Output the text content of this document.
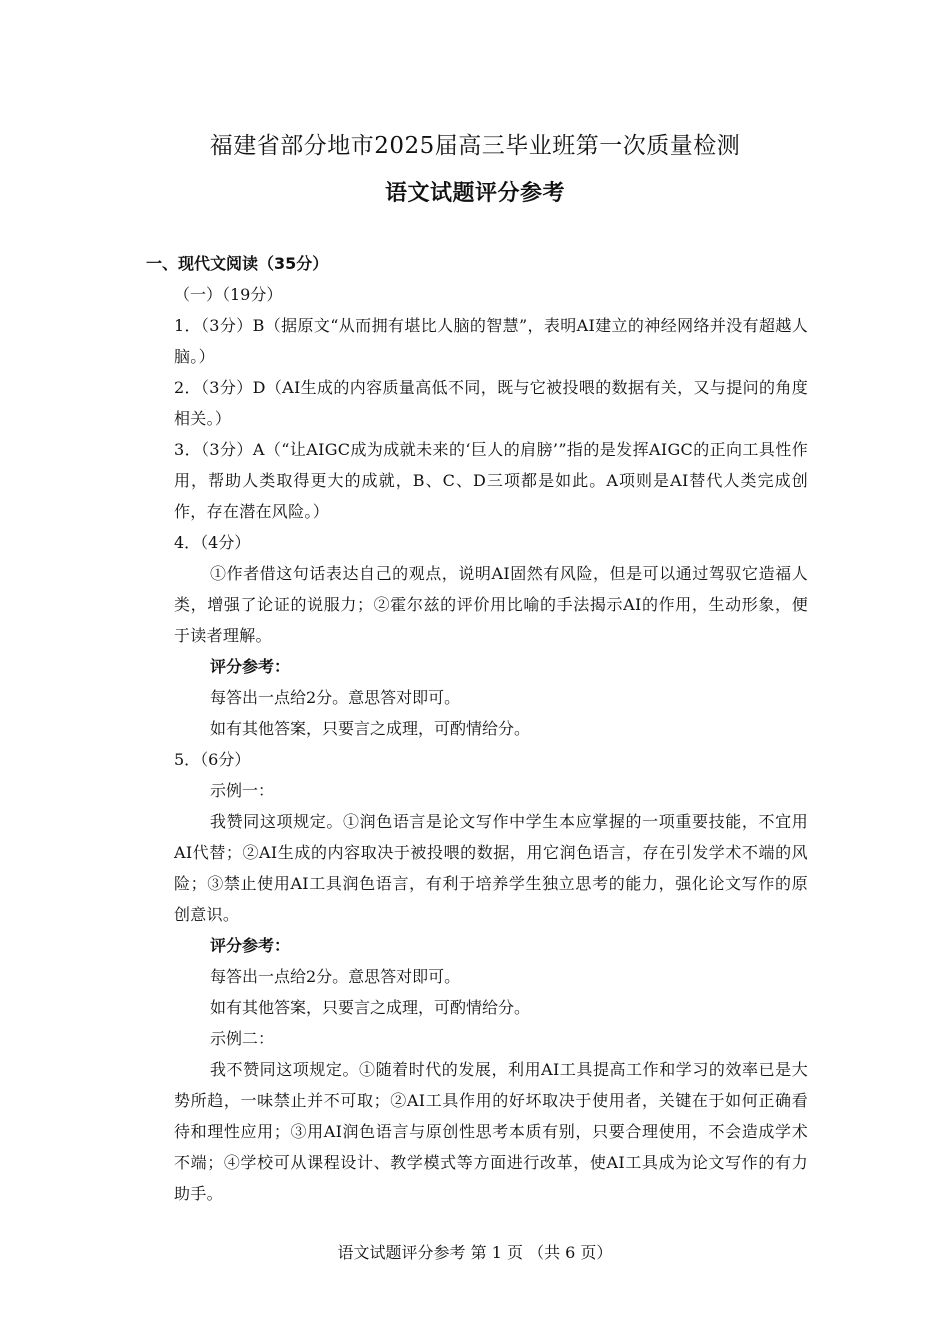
福建省部分地市2025届高三毕业班第一次质量检测
语文试题评分参考
一、现代文阅读（35分）
（一）（19分）
1．（3分）B（据原文“从而拥有堪比人脑的智慧”，表明AI建立的神经网络并没有超越人脑。）
2．（3分）D（AI生成的内容质量高低不同，既与它被投喂的数据有关，又与提问的角度相关。）
3．（3分）A（“让AIGC成为成就未来的‘巨人的肩膀’”指的是发挥AIGC的正向工具性作用，帮助人类取得更大的成就，B、C、D三项都是如此。A项则是AI替代人类完成创作，存在潜在风险。）
4．（4分）
①作者借这句话表达自己的观点，说明AI固然有风险，但是可以通过驾驭它造福人类，增强了论证的说服力；②霍尔兹的评价用比喻的手法揭示AI的作用，生动形象，便于读者理解。
评分参考：
每答出一点给2分。意思答对即可。
如有其他答案，只要言之成理，可酌情给分。
5．（6分）
示例一：
我赞同这项规定。①润色语言是论文写作中学生本应掌握的一项重要技能，不宜用AI代替；②AI生成的内容取决于被投喂的数据，用它润色语言，存在引发学术不端的风险；③禁止使用AI工具润色语言，有利于培养学生独立思考的能力，强化论文写作的原创意识。
评分参考：
每答出一点给2分。意思答对即可。
如有其他答案，只要言之成理，可酌情给分。
示例二：
我不赞同这项规定。①随着时代的发展，利用AI工具提高工作和学习的效率已是大势所趋，一味禁止并不可取；②AI工具作用的好坏取决于使用者，关键在于如何正确看待和理性应用；③用AI润色语言与原创性思考本质有别，只要合理使用，不会造成学术不端；④学校可从课程设计、教学模式等方面进行改革，使AI工具成为论文写作的有力助手。
语文试题评分参考 第 1 页 （共 6 页）
